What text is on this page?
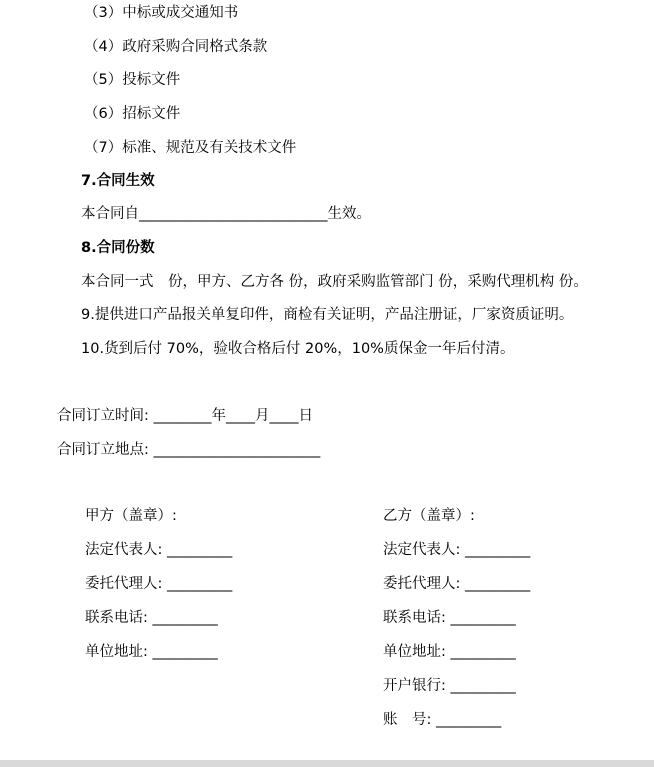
（3）中标或成交通知书
（4）政府采购合同格式条款
（5）投标文件
（6）招标文件
（7）标准、规范及有关技术文件
7.合同生效
本合同自__________________________生效。
8.合同份数
本合同一式　份，甲方、乙方各 份，政府采购监管部门 份，采购代理机构 份。
9.提供进口产品报关单复印件，商检有关证明，产品注册证，厂家资质证明。
10.货到后付 70%，验收合格后付 20%，10%质保金一年后付清。
合同订立时间: ________年____月____日
合同订立地点: _______________________
甲方（盖章）:
法定代表人: _________
委托代理人: _________
联系电话: _________
单位地址: _________
乙方（盖章）:
法定代表人: _________
委托代理人: _________
联系电话: _________
单位地址: _________
开户银行: _________
账　号: _________
